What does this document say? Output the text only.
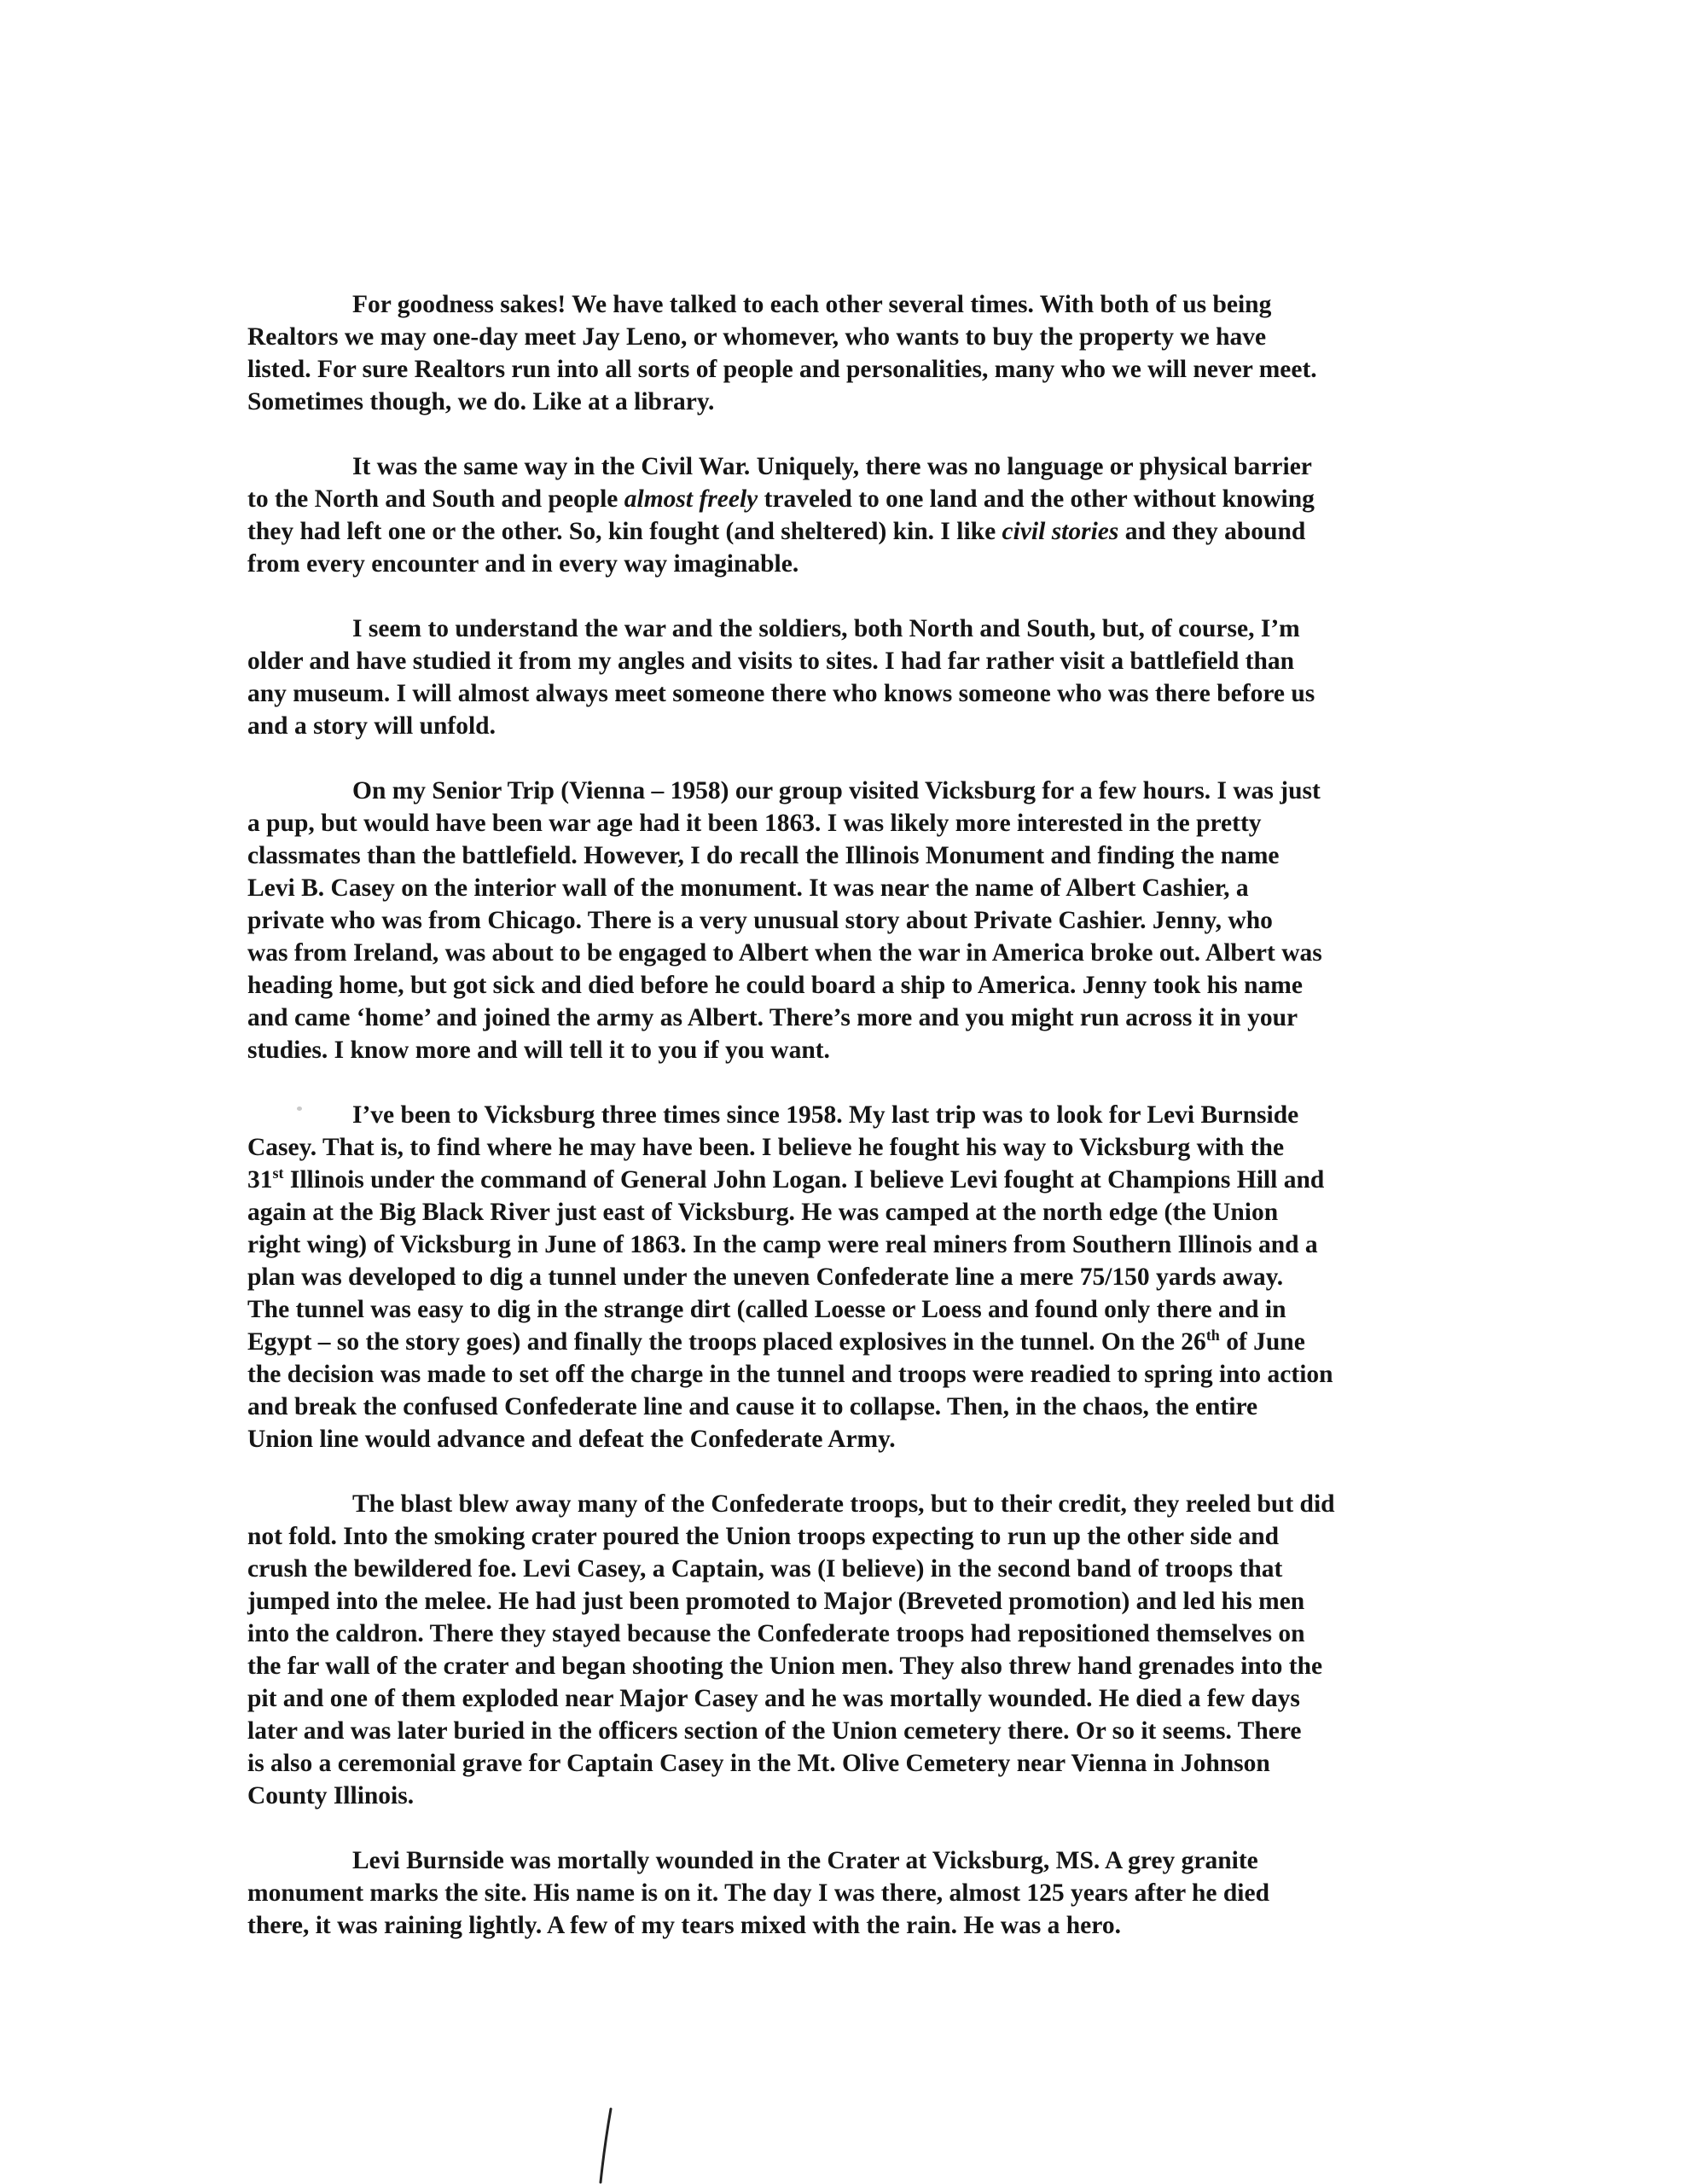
For goodness sakes! We have talked to each other several times. With both of us being
Realtors we may one-day meet Jay Leno, or whomever, who wants to buy the property we have
listed. For sure Realtors run into all sorts of people and personalities, many who we will never meet.
Sometimes though, we do. Like at a library.

It was the same way in the Civil War. Uniquely, there was no language or physical barrier
to the North and South and people almost freely traveled to one land and the other without knowing
they had left one or the other. So, kin fought (and sheltered) kin. I like civil stories and they abound
from every encounter and in every way imaginable.

I seem to understand the war and the soldiers, both North and South, but, of course, I’m
older and have studied it from my angles and visits to sites. I had far rather visit a battlefield than
any museum. I will almost always meet someone there who knows someone who was there before us
and a story will unfold.

On my Senior Trip (Vienna – 1958) our group visited Vicksburg for a few hours. I was just
a pup, but would have been war age had it been 1863. I was likely more interested in the pretty
classmates than the battlefield. However, I do recall the Illinois Monument and finding the name
Levi B. Casey on the interior wall of the monument. It was near the name of Albert Cashier, a
private who was from Chicago. There is a very unusual story about Private Cashier. Jenny, who
was from Ireland, was about to be engaged to Albert when the war in America broke out. Albert was
heading home, but got sick and died before he could board a ship to America. Jenny took his name
and came ‘home’ and joined the army as Albert. There’s more and you might run across it in your
studies. I know more and will tell it to you if you want.

I’ve been to Vicksburg three times since 1958. My last trip was to look for Levi Burnside
Casey. That is, to find where he may have been. I believe he fought his way to Vicksburg with the
31st Illinois under the command of General John Logan. I believe Levi fought at Champions Hill and
again at the Big Black River just east of Vicksburg. He was camped at the north edge (the Union
right wing) of Vicksburg in June of 1863. In the camp were real miners from Southern Illinois and a
plan was developed to dig a tunnel under the uneven Confederate line a mere 75/150 yards away.
The tunnel was easy to dig in the strange dirt (called Loesse or Loess and found only there and in
Egypt – so the story goes) and finally the troops placed explosives in the tunnel. On the 26th of June
the decision was made to set off the charge in the tunnel and troops were readied to spring into action
and break the confused Confederate line and cause it to collapse. Then, in the chaos, the entire
Union line would advance and defeat the Confederate Army.

The blast blew away many of the Confederate troops, but to their credit, they reeled but did
not fold. Into the smoking crater poured the Union troops expecting to run up the other side and
crush the bewildered foe. Levi Casey, a Captain, was (I believe) in the second band of troops that
jumped into the melee. He had just been promoted to Major (Breveted promotion) and led his men
into the caldron. There they stayed because the Confederate troops had repositioned themselves on
the far wall of the crater and began shooting the Union men. They also threw hand grenades into the
pit and one of them exploded near Major Casey and he was mortally wounded. He died a few days
later and was later buried in the officers section of the Union cemetery there. Or so it seems. There
is also a ceremonial grave for Captain Casey in the Mt. Olive Cemetery near Vienna in Johnson
County Illinois.

Levi Burnside was mortally wounded in the Crater at Vicksburg, MS. A grey granite
monument marks the site. His name is on it. The day I was there, almost 125 years after he died
there, it was raining lightly. A few of my tears mixed with the rain. He was a hero.
